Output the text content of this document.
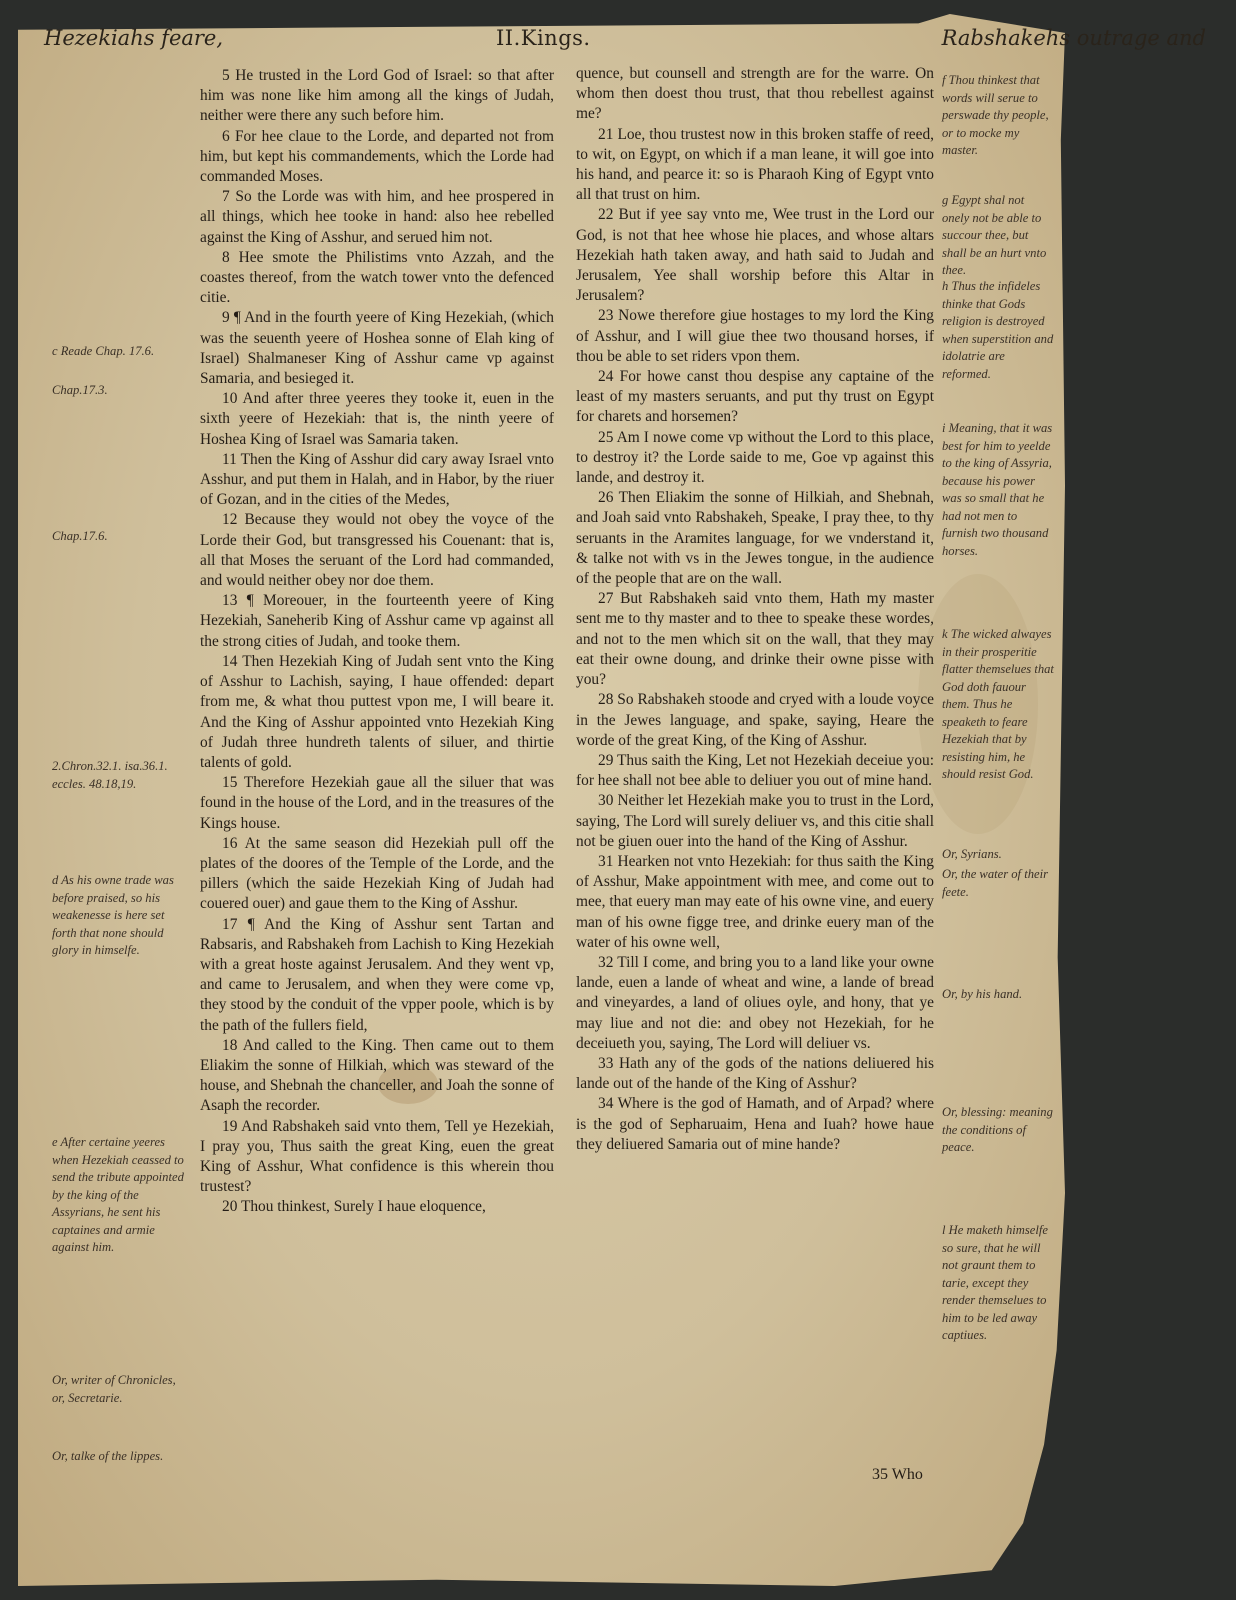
Hezekiahs feare,	II.Kings.	Rabshakehs outrage and
c Reade Chap. 17.6.
Chap.17.3.
Chap.17.6.
2.Chron.32.1. isa.36.1. eccles. 48.18,19.
d As his owne trade was before praised, so his weakenesse is here set forth that none should glory in himselfe.
e After certaine yeeres when Hezekiah ceassed to send the tribute appointed by the king of the Assyrians, he sent his captaines and armie against him.
Or, writer of Chronicles, or, Secretarie.
Or, talke of the lippes.

5 He trusted in the Lord God of Israel: so that after him was none like him among all the kings of Judah, neither were there any such before him.

6 For hee claue to the Lorde, and departed not from him, but kept his commandements, which the Lorde had commanded Moses.

7 So the Lorde was with him, and hee prospered in all things, which hee tooke in hand: also hee rebelled against the King of Asshur, and serued him not.

8 Hee smote the Philistims vnto Azzah, and the coastes thereof, from the watch tower vnto the defenced citie.

9 ¶ And in the fourth yeere of King Hezekiah, (which was the seuenth yeere of Hoshea sonne of Elah king of Israel) Shalmaneser King of Asshur came vp against Samaria, and besieged it.

10 And after three yeeres they tooke it, euen in the sixth yeere of Hezekiah: that is, the ninth yeere of Hoshea King of Israel was Samaria taken.

11 Then the King of Asshur did cary away Israel vnto Asshur, and put them in Halah, and in Habor, by the riuer of Gozan, and in the cities of the Medes,

12 Because they would not obey the voyce of the Lorde their God, but transgressed his Couenant: that is, all that Moses the seruant of the Lord had commanded, and would neither obey nor doe them.

13 ¶ Moreouer, in the fourteenth yeere of King Hezekiah, Saneherib King of Asshur came vp against all the strong cities of Judah, and tooke them.

14 Then Hezekiah King of Judah sent vnto the King of Asshur to Lachish, saying, I haue offended: depart from me, & what thou puttest vpon me, I will beare it. And the King of Asshur appointed vnto Hezekiah King of Judah three hundreth talents of siluer, and thirtie talents of gold.

15 Therefore Hezekiah gaue all the siluer that was found in the house of the Lord, and in the treasures of the Kings house.

16 At the same season did Hezekiah pull off the plates of the doores of the Temple of the Lorde, and the pillers (which the saide Hezekiah King of Judah had couered ouer) and gaue them to the King of Asshur.

17 ¶ And the King of Asshur sent Tartan and Rabsaris, and Rabshakeh from Lachish to King Hezekiah with a great hoste against Jerusalem. And they went vp, and came to Jerusalem, and when they were come vp, they stood by the conduit of the vpper poole, which is by the path of the fullers field,

18 And called to the King. Then came out to them Eliakim the sonne of Hilkiah, which was steward of the house, and Shebnah the chanceller, and Joah the sonne of Asaph the recorder.

19 And Rabshakeh said vnto them, Tell ye Hezekiah, I pray you, Thus saith the great King, euen the great King of Asshur, What confidence is this wherein thou trustest?

20 Thou thinkest, Surely I haue eloquence,

quence, but counsell and strength are for the warre. On whom then doest thou trust, that thou rebellest against me?

21 Loe, thou trustest now in this broken staffe of reed, to wit, on Egypt, on which if a man leane, it will goe into his hand, and pearce it: so is Pharaoh King of Egypt vnto all that trust on him.

22 But if yee say vnto me, Wee trust in the Lord our God, is not that hee whose hie places, and whose altars Hezekiah hath taken away, and hath said to Judah and Jerusalem, Yee shall worship before this Altar in Jerusalem?

23 Nowe therefore giue hostages to my lord the King of Asshur, and I will giue thee two thousand horses, if thou be able to set riders vpon them.

24 For howe canst thou despise any captaine of the least of my masters seruants, and put thy trust on Egypt for charets and horsemen?

25 Am I nowe come vp without the Lord to this place, to destroy it? the Lorde saide to me, Goe vp against this lande, and destroy it.

26 Then Eliakim the sonne of Hilkiah, and Shebnah, and Joah said vnto Rabshakeh, Speake, I pray thee, to thy seruants in the Aramites language, for we vnderstand it, & talke not with vs in the Jewes tongue, in the audience of the people that are on the wall.

27 But Rabshakeh said vnto them, Hath my master sent me to thy master and to thee to speake these wordes, and not to the men which sit on the wall, that they may eat their owne doung, and drinke their owne pisse with you?

28 So Rabshakeh stoode and cryed with a loude voyce in the Jewes language, and spake, saying, Heare the worde of the great King, of the King of Asshur.

29 Thus saith the King, Let not Hezekiah deceiue you: for hee shall not bee able to deliuer you out of mine hand.

30 Neither let Hezekiah make you to trust in the Lord, saying, The Lord will surely deliuer vs, and this citie shall not be giuen ouer into the hand of the King of Asshur.

31 Hearken not vnto Hezekiah: for thus saith the King of Asshur, Make appointment with mee, and come out to mee, that euery man may eate of his owne vine, and euery man of his owne figge tree, and drinke euery man of the water of his owne well,

32 Till I come, and bring you to a land like your owne lande, euen a lande of wheat and wine, a lande of bread and vineyardes, a land of oliues oyle, and hony, that ye may liue and not die: and obey not Hezekiah, for he deceiueth you, saying, The Lord will deliuer vs.

33 Hath any of the gods of the nations deliuered his lande out of the hande of the King of Asshur?

34 Where is the god of Hamath, and of Arpad? where is the god of Sepharuaim, Hena and Iuah? howe haue they deliuered Samaria out of mine hande?

f Thou thinkest that words will serue to perswade thy people, or to mocke my master.
g Egypt shal not onely not be able to succour thee, but shall be an hurt vnto thee.
h Thus the infideles thinke that Gods religion is destroyed when superstition and idolatrie are reformed.
i Meaning, that it was best for him to yeelde to the king of Assyria, because his power was so small that he had not men to furnish two thousand horses.
k The wicked alwayes in their prosperitie flatter themselues that God doth fauour them. Thus he speaketh to feare Hezekiah that by resisting him, he should resist God.
Or, Syrians.
Or, the water of their feete.
Or, by his hand.
Or, blessing: meaning the conditions of peace.
l He maketh himselfe so sure, that he will not graunt them to tarie, except they render themselues to him to be led away captiues.
35 Who
